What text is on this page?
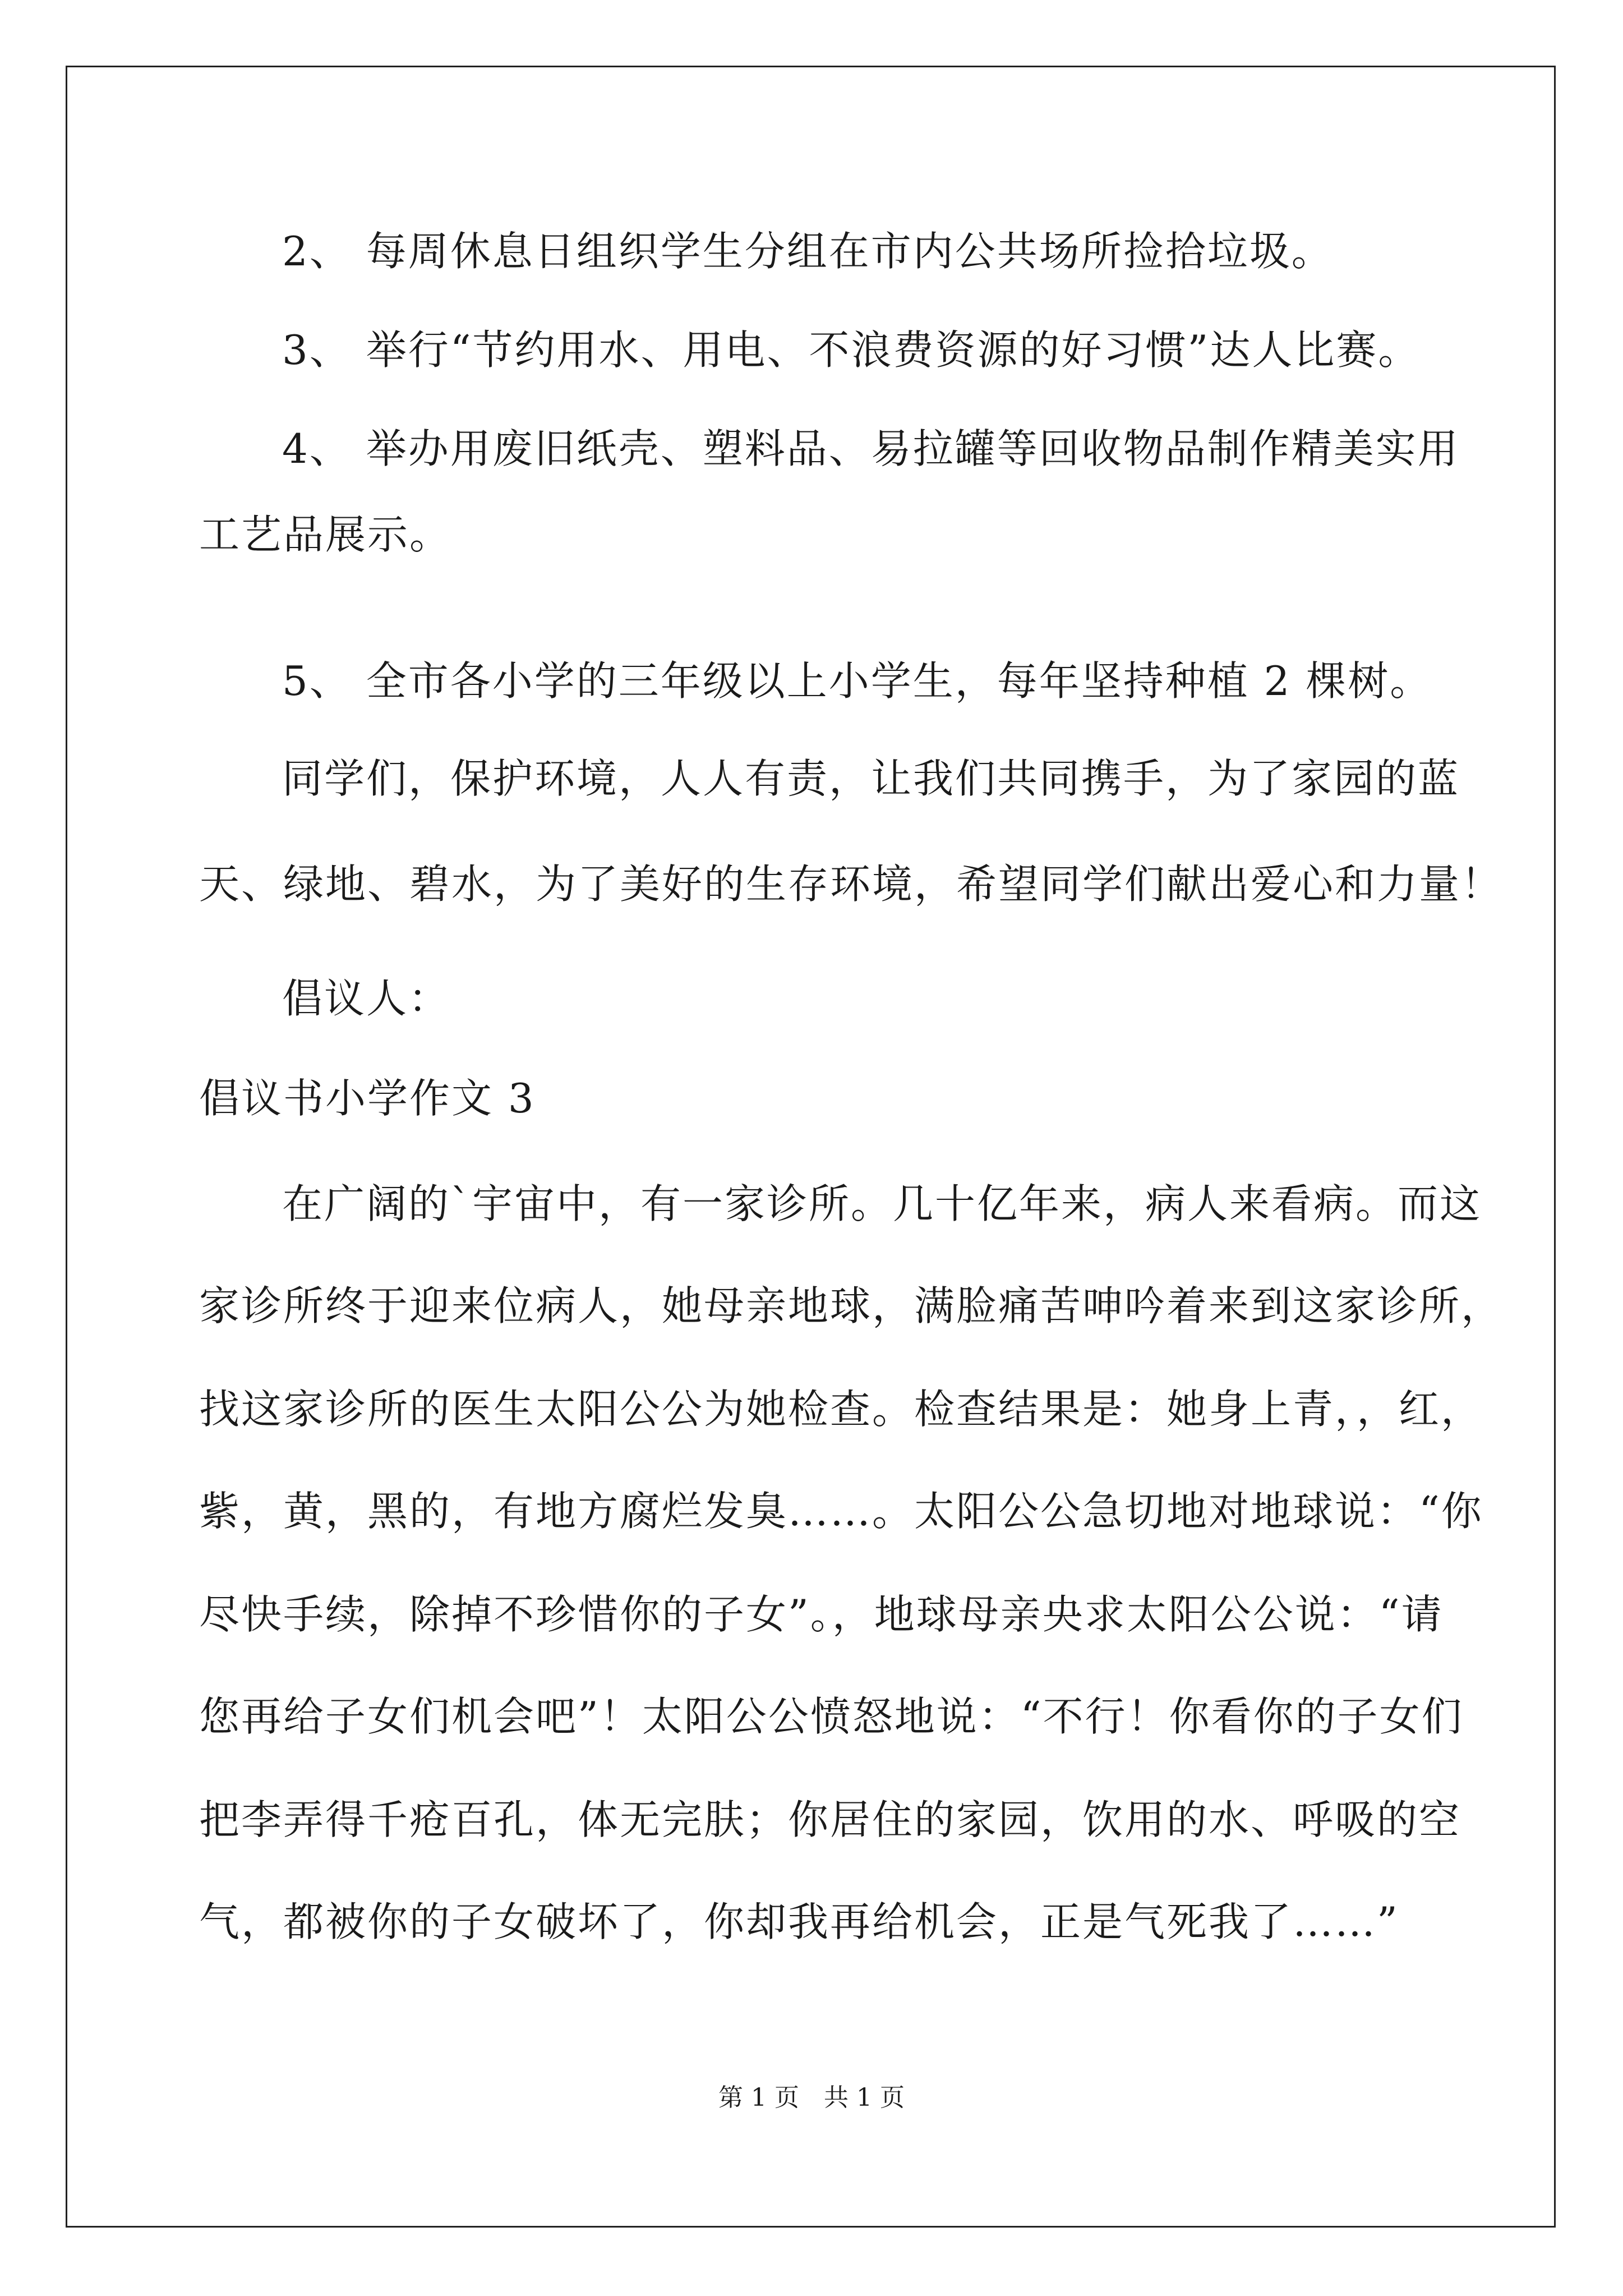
2、 每周休息日组织学生分组在市内公共场所捡拾垃圾。
3、 举行“节约用水、用电、不浪费资源的好习惯”达人比赛。
4、 举办用废旧纸壳、塑料品、易拉罐等回收物品制作精美实用
工艺品展示。
5、 全市各小学的三年级以上小学生，每年坚持种植 2 棵树。
同学们，保护环境，人人有责，让我们共同携手，为了家园的蓝
天、绿地、碧水，为了美好的生存环境，希望同学们献出爱心和力量！
倡议人：
倡议书小学作文 3
在广阔的`宇宙中，有一家诊所。几十亿年来，病人来看病。而这
家诊所终于迎来位病人，她母亲地球，满脸痛苦呻吟着来到这家诊所，
找这家诊所的医生太阳公公为她检查。检查结果是：她身上青，，红，
紫，黄，黑的，有地方腐烂发臭……。太阳公公急切地对地球说：“你
尽快手续，除掉不珍惜你的子女”。，地球母亲央求太阳公公说：“请
您再给子女们机会吧”！太阳公公愤怒地说：“不行！你看你的子女们
把李弄得千疮百孔，体无完肤；你居住的家园，饮用的水、呼吸的空
气，都被你的子女破坏了，你却我再给机会，正是气死我了……”
第 1 页　共 1 页
